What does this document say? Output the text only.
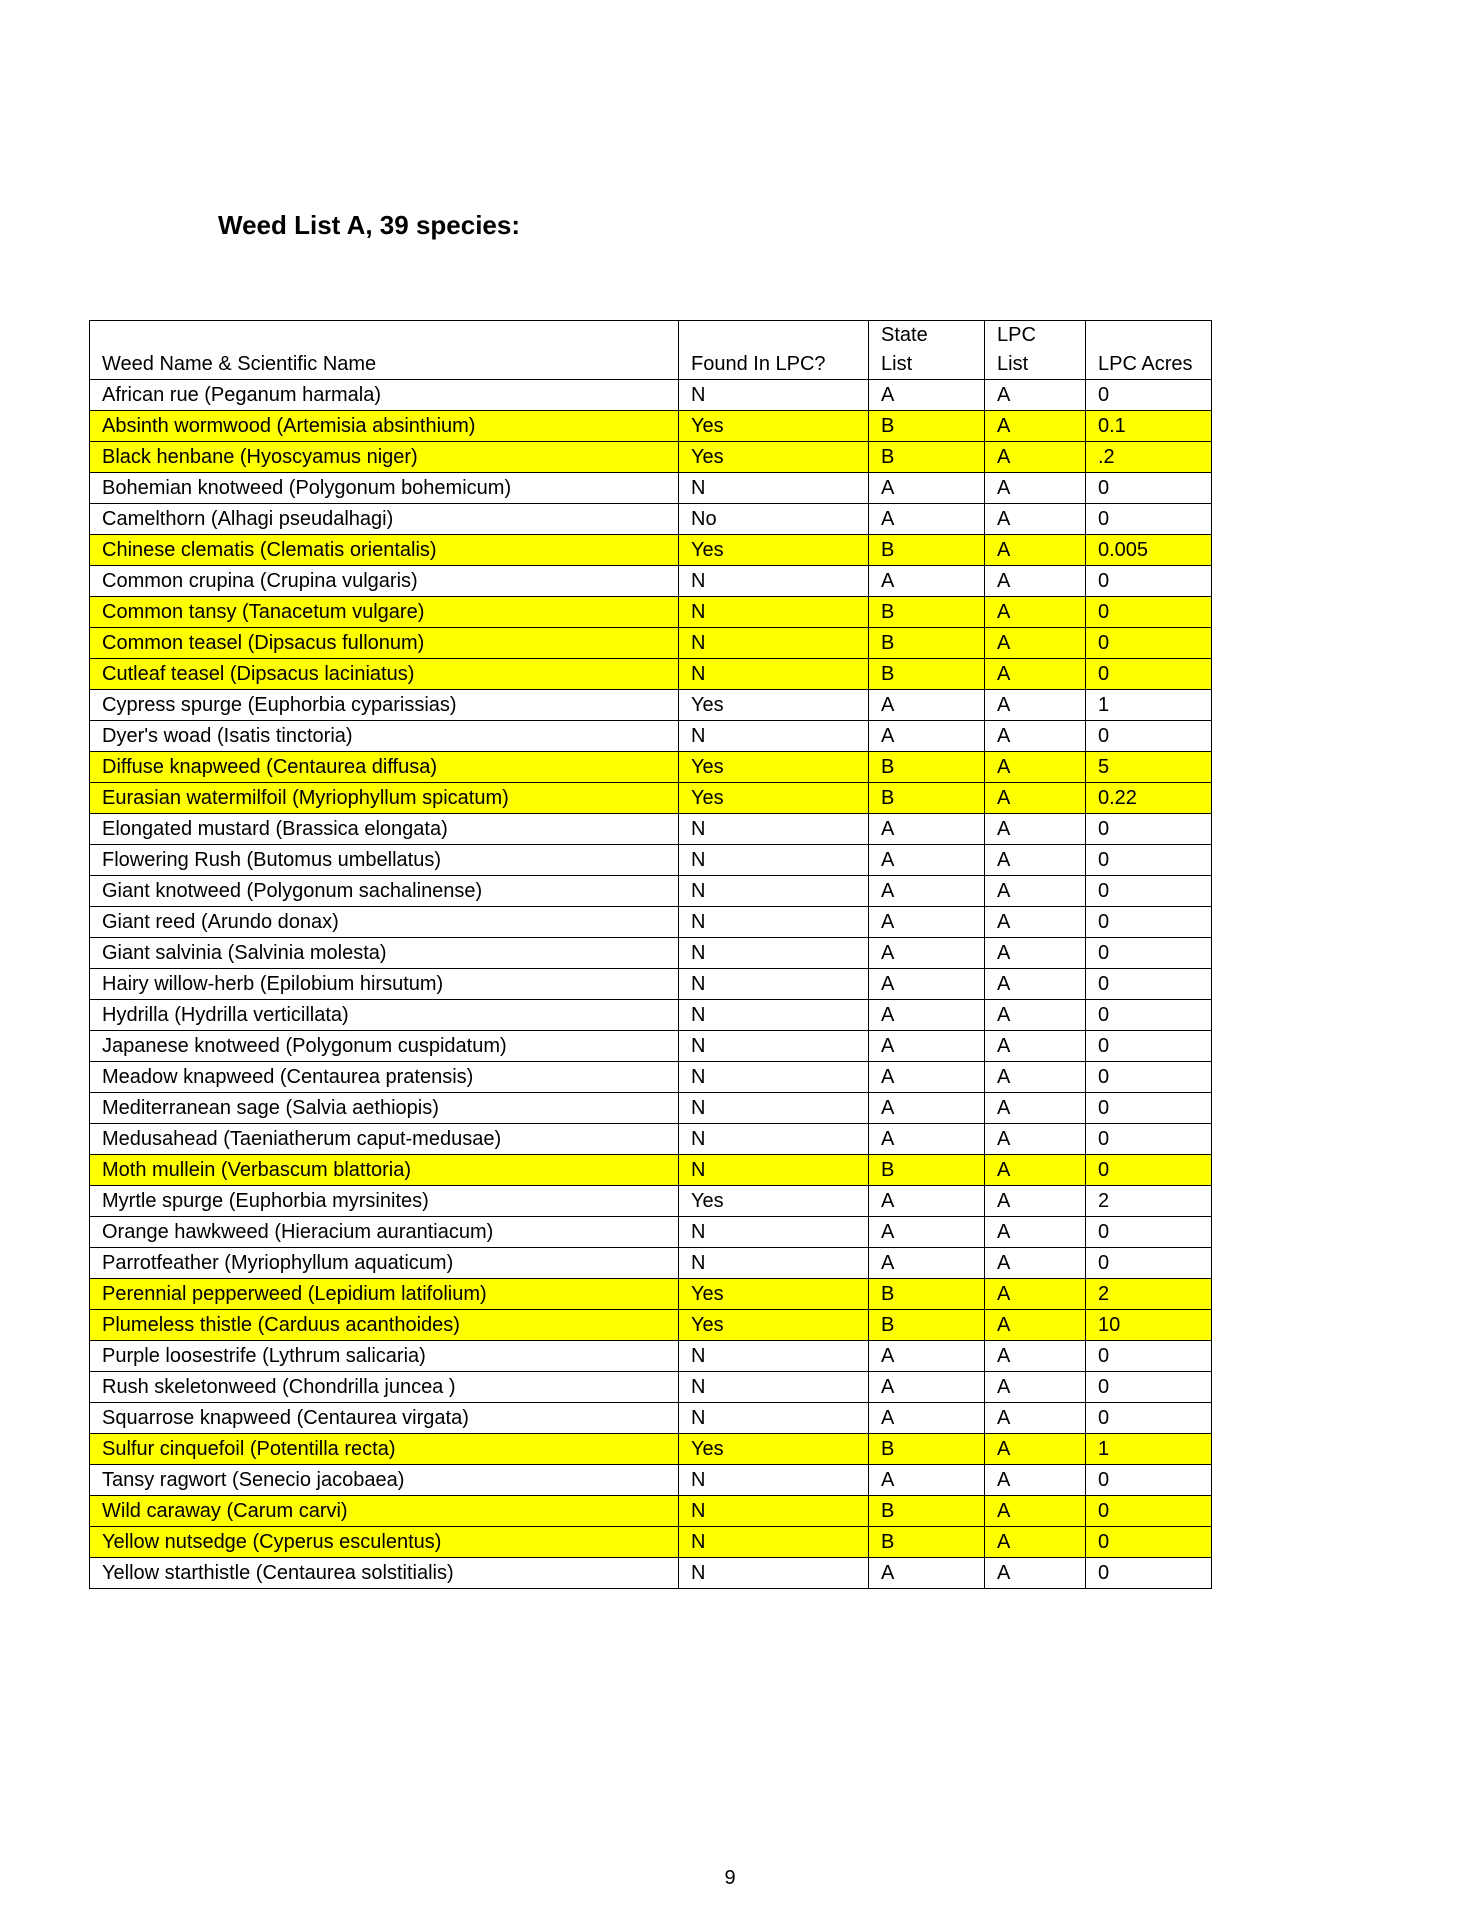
Weed List A, 39 species:
Weed Name & Scientific Name	Found In LPC?	State List	LPC List	LPC Acres
African rue (Peganum harmala)	N	A	A	0
Absinth wormwood (Artemisia absinthium)	Yes	B	A	0.1
Black henbane (Hyoscyamus niger)	Yes	B	A	.2
Bohemian knotweed (Polygonum bohemicum)	N	A	A	0
Camelthorn (Alhagi pseudalhagi)	No	A	A	0
Chinese clematis (Clematis orientalis)	Yes	B	A	0.005
Common crupina (Crupina vulgaris)	N	A	A	0
Common tansy (Tanacetum vulgare)	N	B	A	0
Common teasel (Dipsacus fullonum)	N	B	A	0
Cutleaf teasel (Dipsacus laciniatus)	N	B	A	0
Cypress spurge (Euphorbia cyparissias)	Yes	A	A	1
Dyer's woad (Isatis tinctoria)	N	A	A	0
Diffuse knapweed (Centaurea diffusa)	Yes	B	A	5
Eurasian watermilfoil (Myriophyllum spicatum)	Yes	B	A	0.22
Elongated mustard (Brassica elongata)	N	A	A	0
Flowering Rush (Butomus umbellatus)	N	A	A	0
Giant knotweed (Polygonum sachalinense)	N	A	A	0
Giant reed (Arundo donax)	N	A	A	0
Giant salvinia (Salvinia molesta)	N	A	A	0
Hairy willow-herb (Epilobium hirsutum)	N	A	A	0
Hydrilla (Hydrilla verticillata)	N	A	A	0
Japanese knotweed (Polygonum cuspidatum)	N	A	A	0
Meadow knapweed (Centaurea pratensis)	N	A	A	0
Mediterranean sage (Salvia aethiopis)	N	A	A	0
Medusahead (Taeniatherum caput-medusae)	N	A	A	0
Moth mullein (Verbascum blattoria)	N	B	A	0
Myrtle spurge (Euphorbia myrsinites)	Yes	A	A	2
Orange hawkweed (Hieracium aurantiacum)	N	A	A	0
Parrotfeather (Myriophyllum aquaticum)	N	A	A	0
Perennial pepperweed (Lepidium latifolium)	Yes	B	A	2
Plumeless thistle (Carduus acanthoides)	Yes	B	A	10
Purple loosestrife (Lythrum salicaria)	N	A	A	0
Rush skeletonweed (Chondrilla juncea )	N	A	A	0
Squarrose knapweed (Centaurea virgata)	N	A	A	0
Sulfur cinquefoil (Potentilla recta)	Yes	B	A	1
Tansy ragwort (Senecio jacobaea)	N	A	A	0
Wild caraway (Carum carvi)	N	B	A	0
Yellow nutsedge (Cyperus esculentus)	N	B	A	0
Yellow starthistle (Centaurea solstitialis)	N	A	A	0
9
